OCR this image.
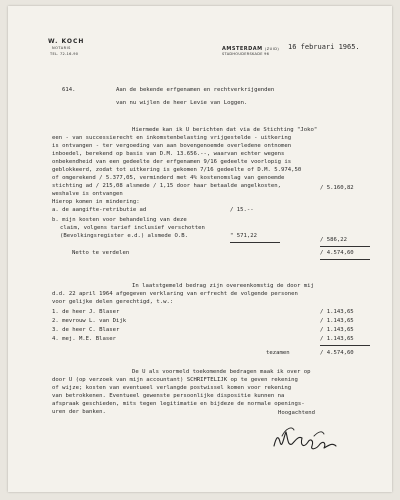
W. KOCH
NOTARIS
TEL. 72-16-90
AMSTERDAM (ZUID)
STADHOUDERSKADE 96
16 februari 1965.
614.	Aan de bekende erfgenamen en rechtverkrijgenden
van nu wijlen de heer Levie van Loggen.
Hiermede kan ik U berichten dat via de Stichting "Joko"
een - van successierecht en inkomstenbelasting vrijgestelde - uitkering
is ontvangen - ter vergoeding van aan bovengenoemde overledene ontnomen
inboedel, berekend op basis van D.M. 13.656.--, waarvan echter wegens
onbekendheid van een gedeelte der erfgenamen 9/16 gedeelte voorlopig is
geblokkeerd, zodat tot uitkering is gekomen 7/16 gedeelte of D.M. 5.974,50
of omgerekend / 5.377,05, verminderd met 4% kostenomslag van genoemde
stichting ad / 215,08 alsmede / 1,15 door haar betaalde angelkosten,
weshalve is ontvangen
/ 5.160,82
Hierop komen in mindering:
a. de aangifte-retributie ad	/ 15.--
b. mijn kosten voor behandeling van deze
claim, volgens tarief inclusief verschotten
(Bevolkingsregister e.d.) alsmede O.B.	" 571,22
/ 586,22
Netto te verdelen	/ 4.574,60
In laatstgemeld bedrag zijn overeenkomstig de door mij
d.d. 22 april 1964 afgegeven verklaring van erfrecht de volgende personen
voor gelijke delen gerechtigd, t.w.:
1. de heer J. Blaser	/ 1.143,65
2. mevrouw L. van Dijk	/ 1.143,65
3. de heer C. Blaser	/ 1.143,65
4. mej. M.E. Blaser	/ 1.143,65
tezamen	/ 4.574,60
De U als voormeld toekomende bedragen maak ik over op
door U (op verzoek van mijn accountant) SCHRIFTELIJK op te geven rekening
of wijze; kosten van eventueel verlangde postwissel komen voor rekening
van betrokkenen. Eventueel gewenste persoonlijke dispositie kunnen na
afspraak geschieden, mits tegen legitimatie en bijdeze de normale openings-
uren der banken.	Hoogachtend
